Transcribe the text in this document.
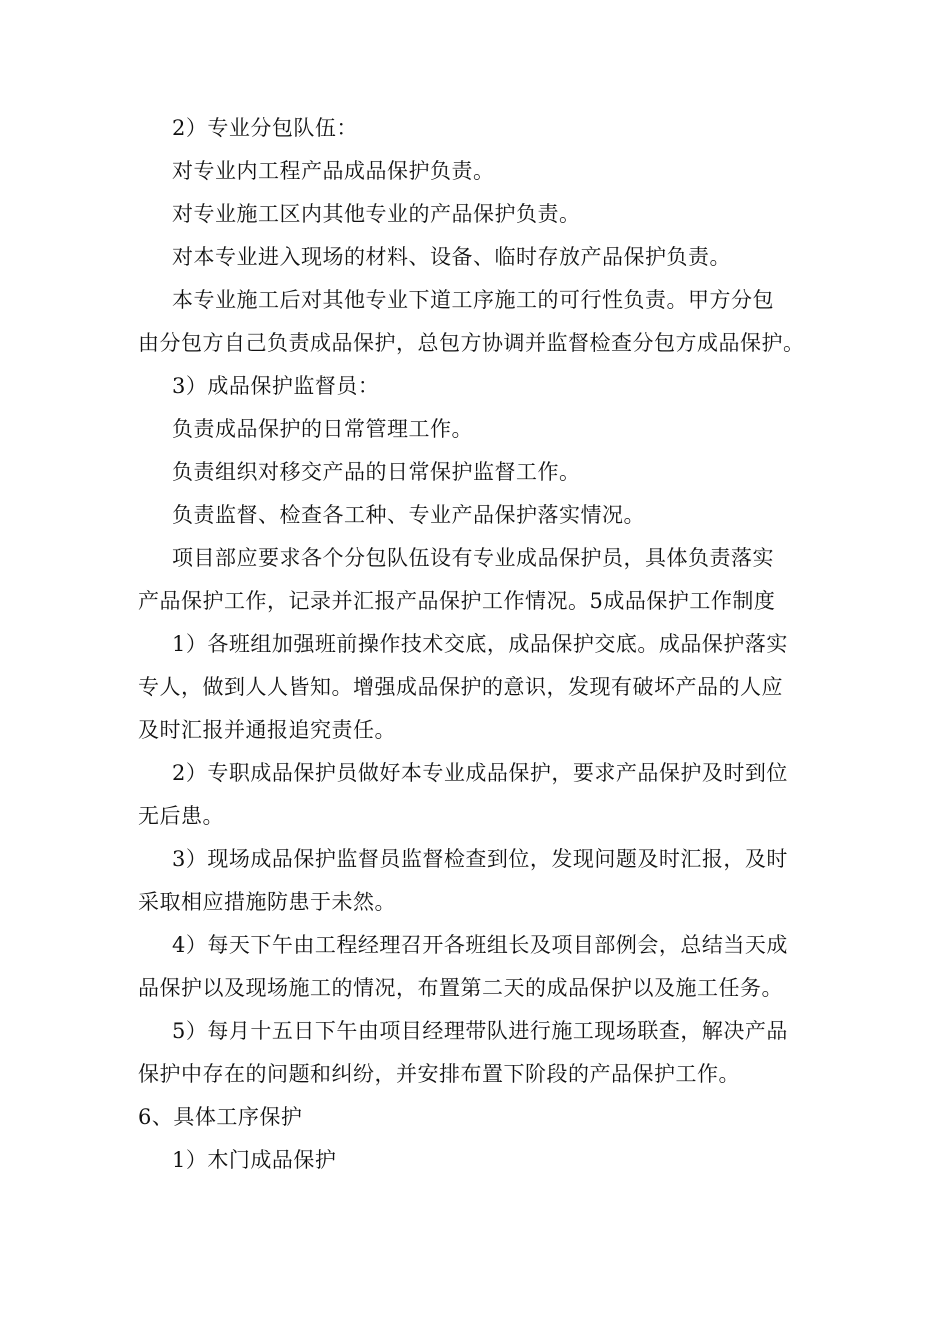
2）专业分包队伍：
对专业内工程产品成品保护负责。
对专业施工区内其他专业的产品保护负责。
对本专业进入现场的材料、设备、临时存放产品保护负责。
本专业施工后对其他专业下道工序施工的可行性负责。甲方分包
由分包方自己负责成品保护，总包方协调并监督检查分包方成品保护。
3）成品保护监督员：
负责成品保护的日常管理工作。
负责组织对移交产品的日常保护监督工作。
负责监督、检查各工种、专业产品保护落实情况。
项目部应要求各个分包队伍设有专业成品保护员，具体负责落实
产品保护工作，记录并汇报产品保护工作情况。5成品保护工作制度
1）各班组加强班前操作技术交底，成品保护交底。成品保护落实
专人，做到人人皆知。增强成品保护的意识，发现有破坏产品的人应
及时汇报并通报追究责任。
2）专职成品保护员做好本专业成品保护，要求产品保护及时到位
无后患。
3）现场成品保护监督员监督检查到位，发现问题及时汇报，及时
采取相应措施防患于未然。
4）每天下午由工程经理召开各班组长及项目部例会，总结当天成
品保护以及现场施工的情况，布置第二天的成品保护以及施工任务。
5）每月十五日下午由项目经理带队进行施工现场联查，解决产品
保护中存在的问题和纠纷，并安排布置下阶段的产品保护工作。
6、具体工序保护
1）木门成品保护
